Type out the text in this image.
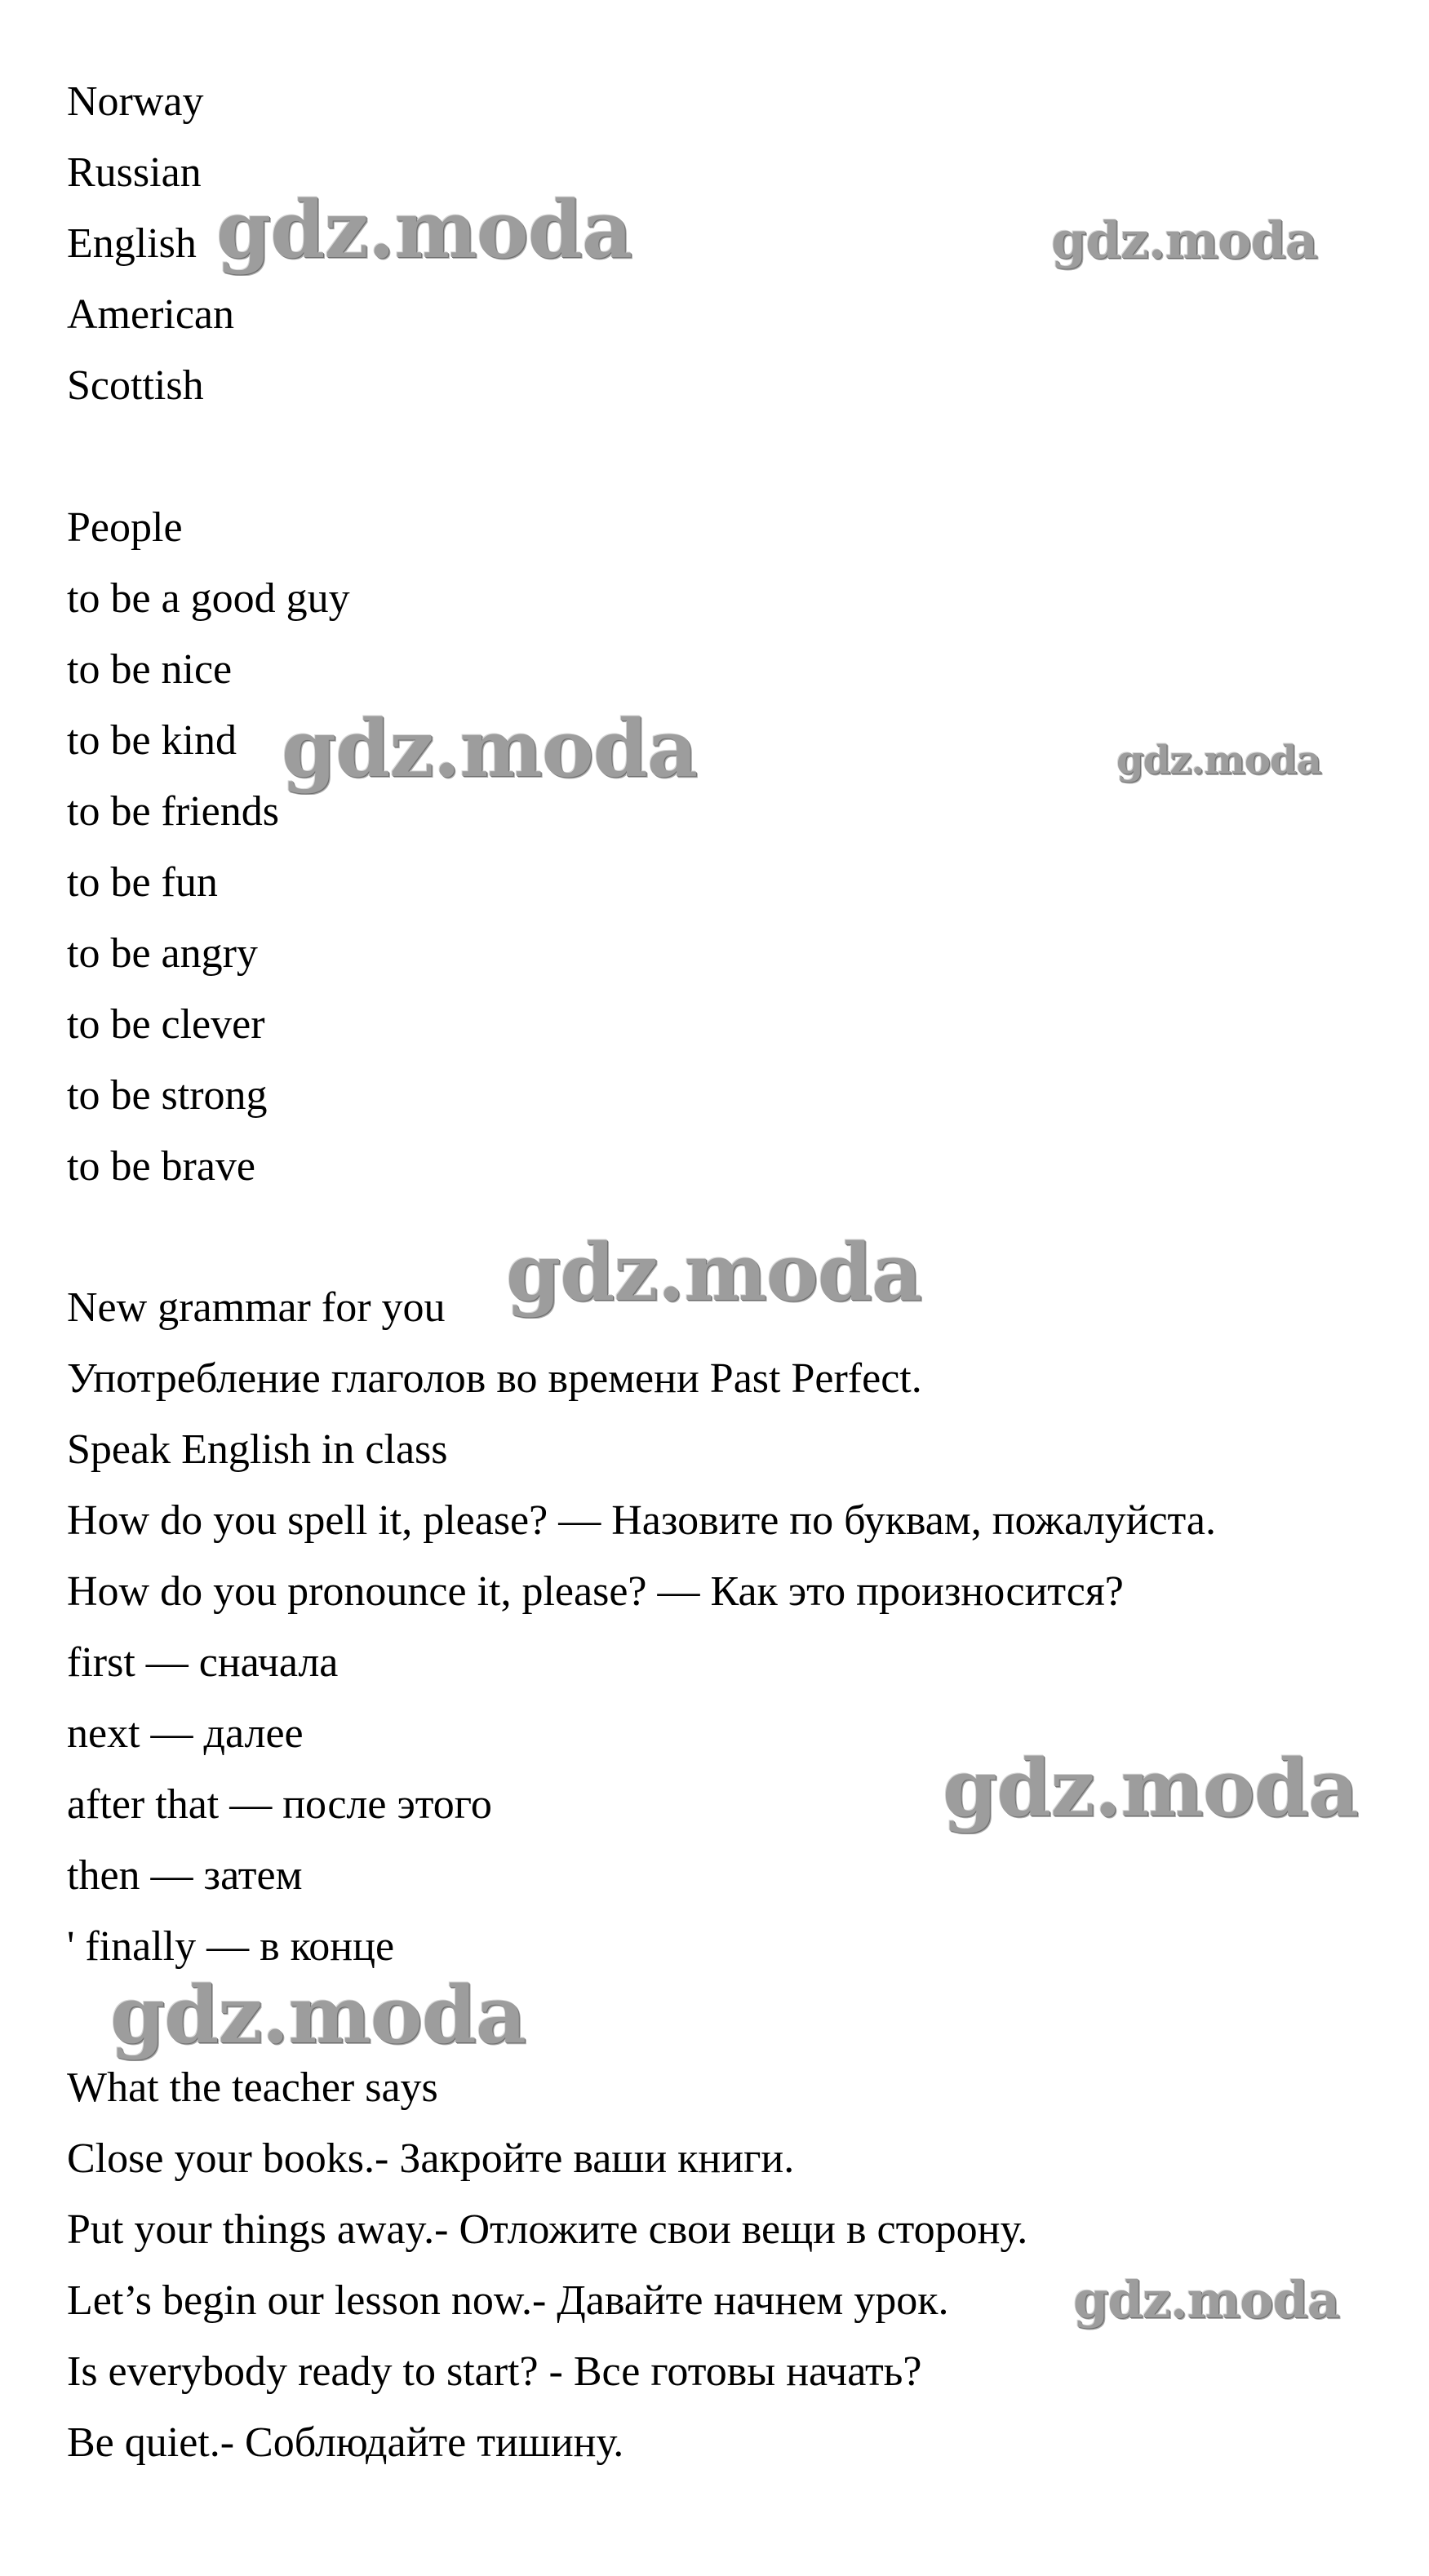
Norway
Russian
English
American
Scottish
People
to be a good guy
to be nice
to be kind
to be friends
to be fun
to be angry
to be clever
to be strong
to be brave
New grammar for you
Употребление глаголов во времени Past Perfect.
Speak English in class
How do you spell it, please? — Назовите по буквам, пожалуйста.
How do you pronounce it, please? — Как это произносится?
first — сначала
next — далее
after that — после этого
then — затем
' finally — в конце
What the teacher says
Close your books.- Закройте ваши книги.
Put your things away.- Отложите свои вещи в сторону.
Let’s begin our lesson now.- Давайте начнем урок.
Is everybody ready to start? - Все готовы начать?
Be quiet.- Соблюдайте тишину.
gdz.moda	gdz.moda
gdz.moda	gdz.moda
gdz.moda
gdz.moda
gdz.moda
gdz.moda
